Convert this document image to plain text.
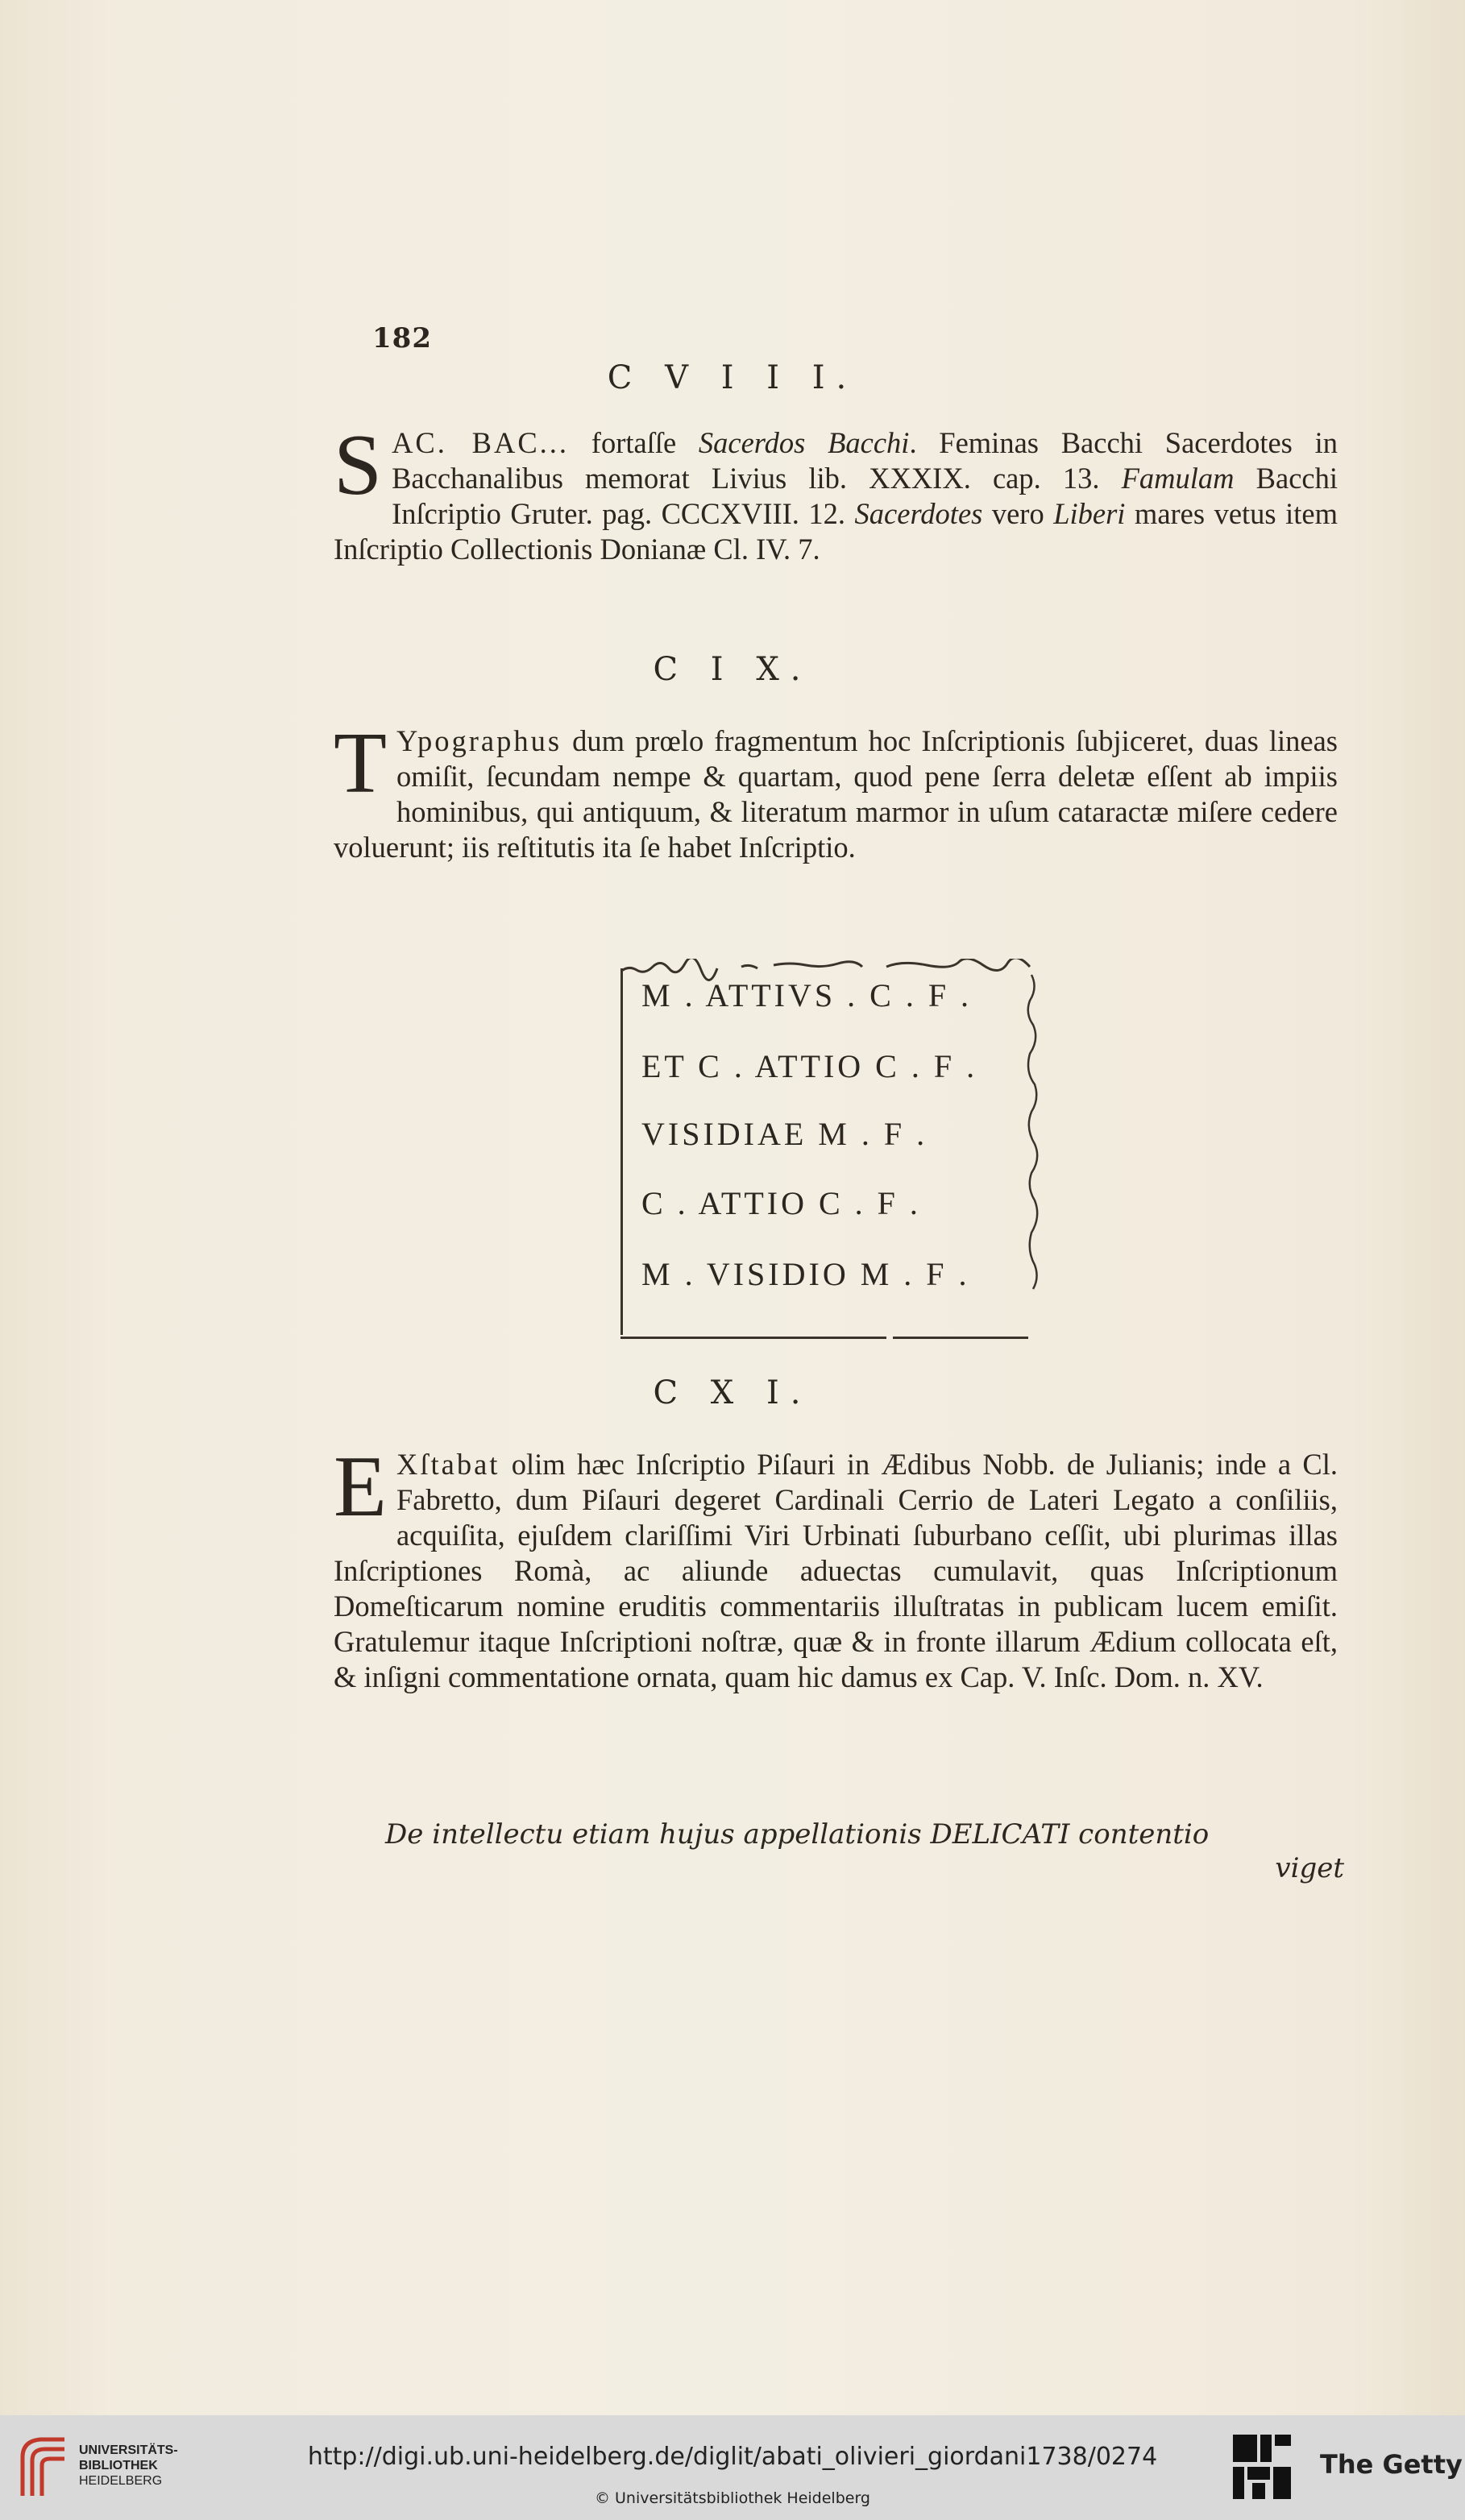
182
C V I I I.

SAC. BAC... fortaſſe Sacerdos Bacchi. Feminas Bacchi Sacerdotes in Bacchanalibus memorat Livius lib. XXXIX. cap. 13. Famulam Bacchi Inſcriptio Gruter. pag. CCCXVIII. 12. Sacerdotes vero Liberi mares vetus item Inſcriptio Collectionis Donianæ Cl. IV. 7.

C I X.

T Ypographus dum prœlo fragmentum hoc Inſcriptionis ſubjiceret, duas lineas omiſit, ſecundam nempe & quartam, quod pene ſerra deletæ eſſent ab impiis hominibus, qui antiquum, & literatum marmor in uſum cataractæ miſere cedere voluerunt; iis reſtitutis ita ſe habet Inſcriptio.

M . ATTIVS . C . F .
ET C . ATTIO C . F .
VISIDIAE M . F .
C . ATTIO C . F .
M . VISIDIO M . F .
C X I.

E Xſtabat olim hæc Inſcriptio Piſauri in Ædibus Nobb. de Julianis; inde a Cl. Fabretto, dum Piſauri degeret Cardinali Cerrio de Lateri Legato a conſiliis, acquiſita, ejuſdem clariſſimi Viri Urbinati ſuburbano ceſſit, ubi plurimas illas Inſcriptiones Romà, ac aliunde aduectas cumulavit, quas Inſcriptionum Domeſticarum nomine eruditis commentariis illuſtratas in publicam lucem emiſit. Gratulemur itaque Inſcriptioni noſtræ, quæ & in fronte illarum Ædium collocata eſt, & inſigni commentatione ornata, quam hic damus ex Cap. V. Inſc. Dom. n. XV.

De intellectu etiam hujus appellationis DELICATI contentio
viget
UNIVERSITÄTS-
BIBLIOTHEK
HEIDELBERG
http://digi.ub.uni-heidelberg.de/diglit/abati_olivieri_giordani1738/0274
© Universitätsbibliothek Heidelberg
The Getty
